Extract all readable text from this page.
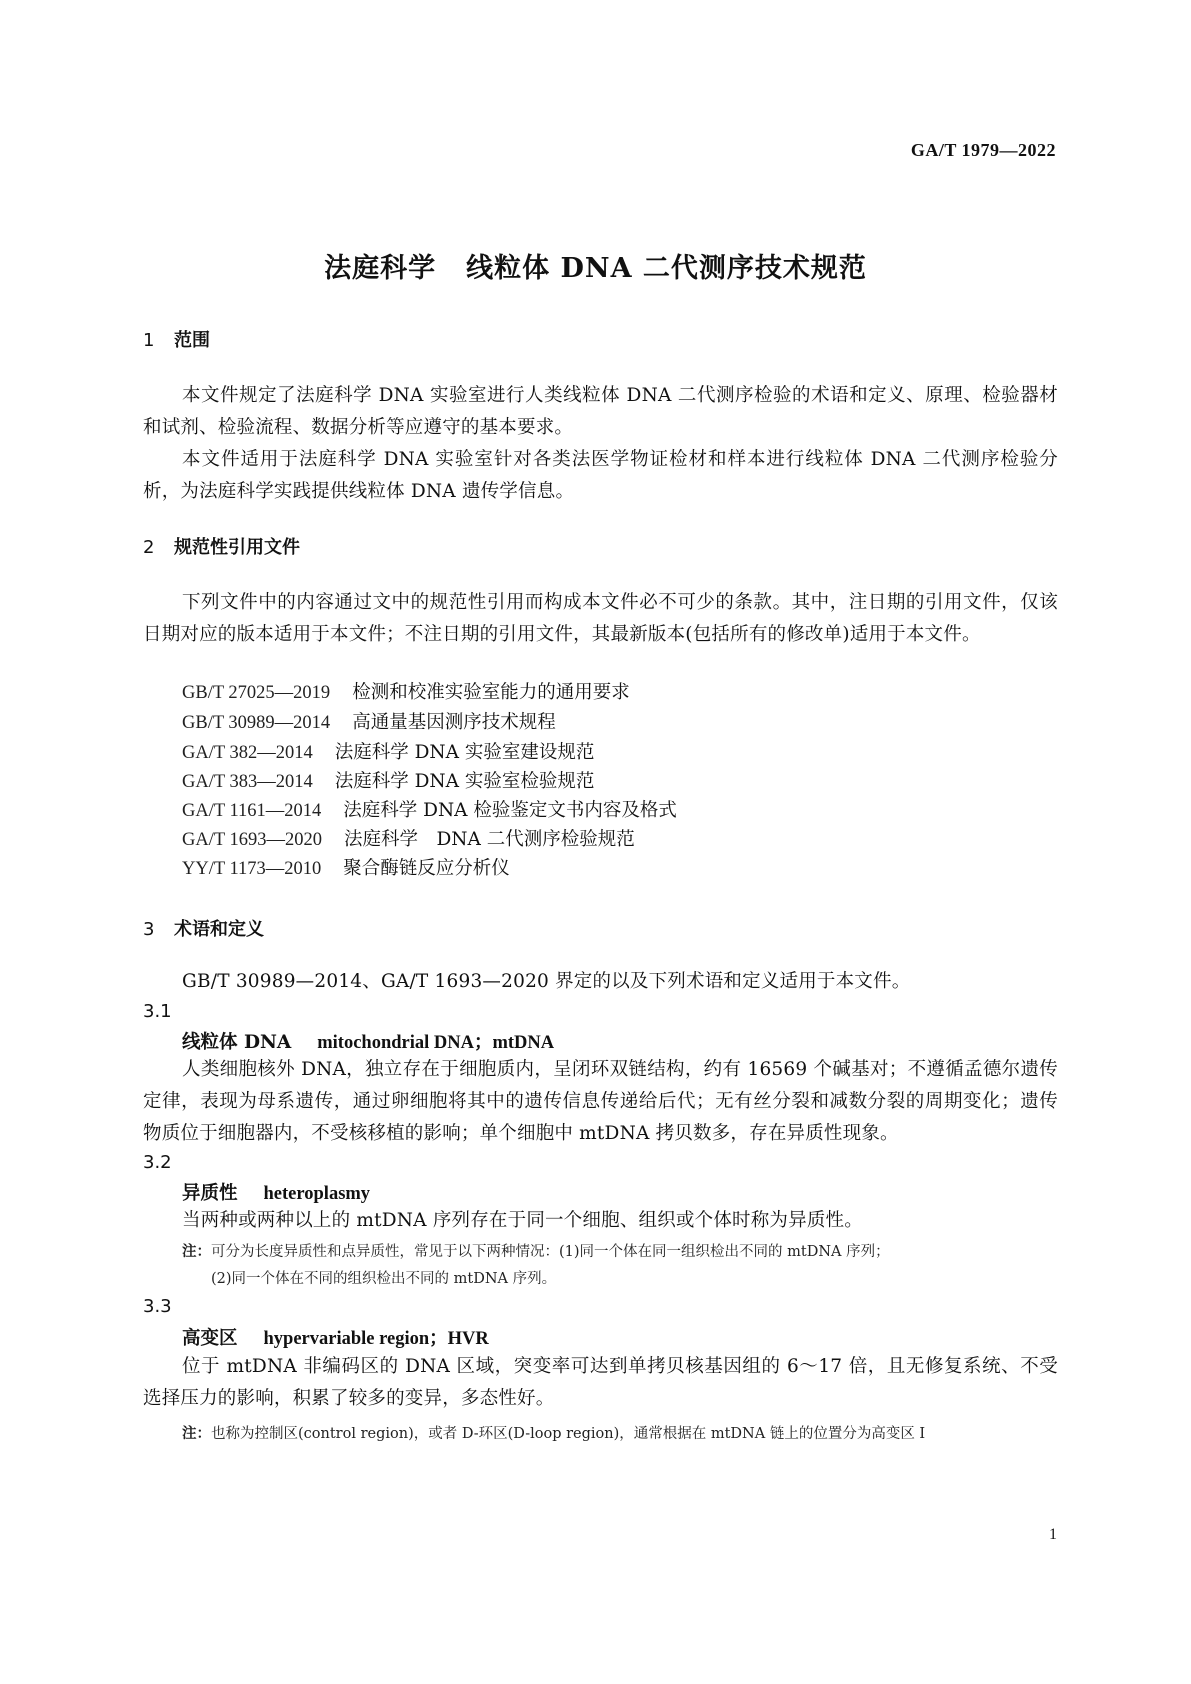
GA/T 1979—2022
法庭科学 线粒体 DNA 二代测序技术规范
1 范围
本文件规定了法庭科学 DNA 实验室进行人类线粒体 DNA 二代测序检验的术语和定义、原理、检验器材和试剂、检验流程、数据分析等应遵守的基本要求。
本文件适用于法庭科学 DNA 实验室针对各类法医学物证检材和样本进行线粒体 DNA 二代测序检验分析，为法庭科学实践提供线粒体 DNA 遗传学信息。
2 规范性引用文件
下列文件中的内容通过文中的规范性引用而构成本文件必不可少的条款。其中，注日期的引用文件，仅该日期对应的版本适用于本文件；不注日期的引用文件，其最新版本(包括所有的修改单)适用于本文件。
GB/T 27025—2019 检测和校准实验室能力的通用要求
GB/T 30989—2014 高通量基因测序技术规程
GA/T 382—2014 法庭科学 DNA 实验室建设规范
GA/T 383—2014 法庭科学 DNA 实验室检验规范
GA/T 1161—2014 法庭科学 DNA 检验鉴定文书内容及格式
GA/T 1693—2020 法庭科学　DNA 二代测序检验规范
YY/T 1173—2010 聚合酶链反应分析仪
3 术语和定义
GB/T 30989—2014、GA/T 1693—2020 界定的以及下列术语和定义适用于本文件。
3.1
线粒体 DNA mitochondrial DNA；mtDNA
人类细胞核外 DNA，独立存在于细胞质内，呈闭环双链结构，约有 16569 个碱基对；不遵循孟德尔遗传定律，表现为母系遗传，通过卵细胞将其中的遗传信息传递给后代；无有丝分裂和减数分裂的周期变化；遗传物质位于细胞器内，不受核移植的影响；单个细胞中 mtDNA 拷贝数多，存在异质性现象。
3.2
异质性 heteroplasmy
当两种或两种以上的 mtDNA 序列存在于同一个细胞、组织或个体时称为异质性。
注：可分为长度异质性和点异质性，常见于以下两种情况：(1)同一个体在同一组织检出不同的 mtDNA 序列；
(2)同一个体在不同的组织检出不同的 mtDNA 序列。
3.3
高变区 hypervariable region；HVR
位于 mtDNA 非编码区的 DNA 区域，突变率可达到单拷贝核基因组的 6～17 倍，且无修复系统、不受选择压力的影响，积累了较多的变异，多态性好。
注：也称为控制区(control region)，或者 D-环区(D-loop region)，通常根据在 mtDNA 链上的位置分为高变区 I
1
